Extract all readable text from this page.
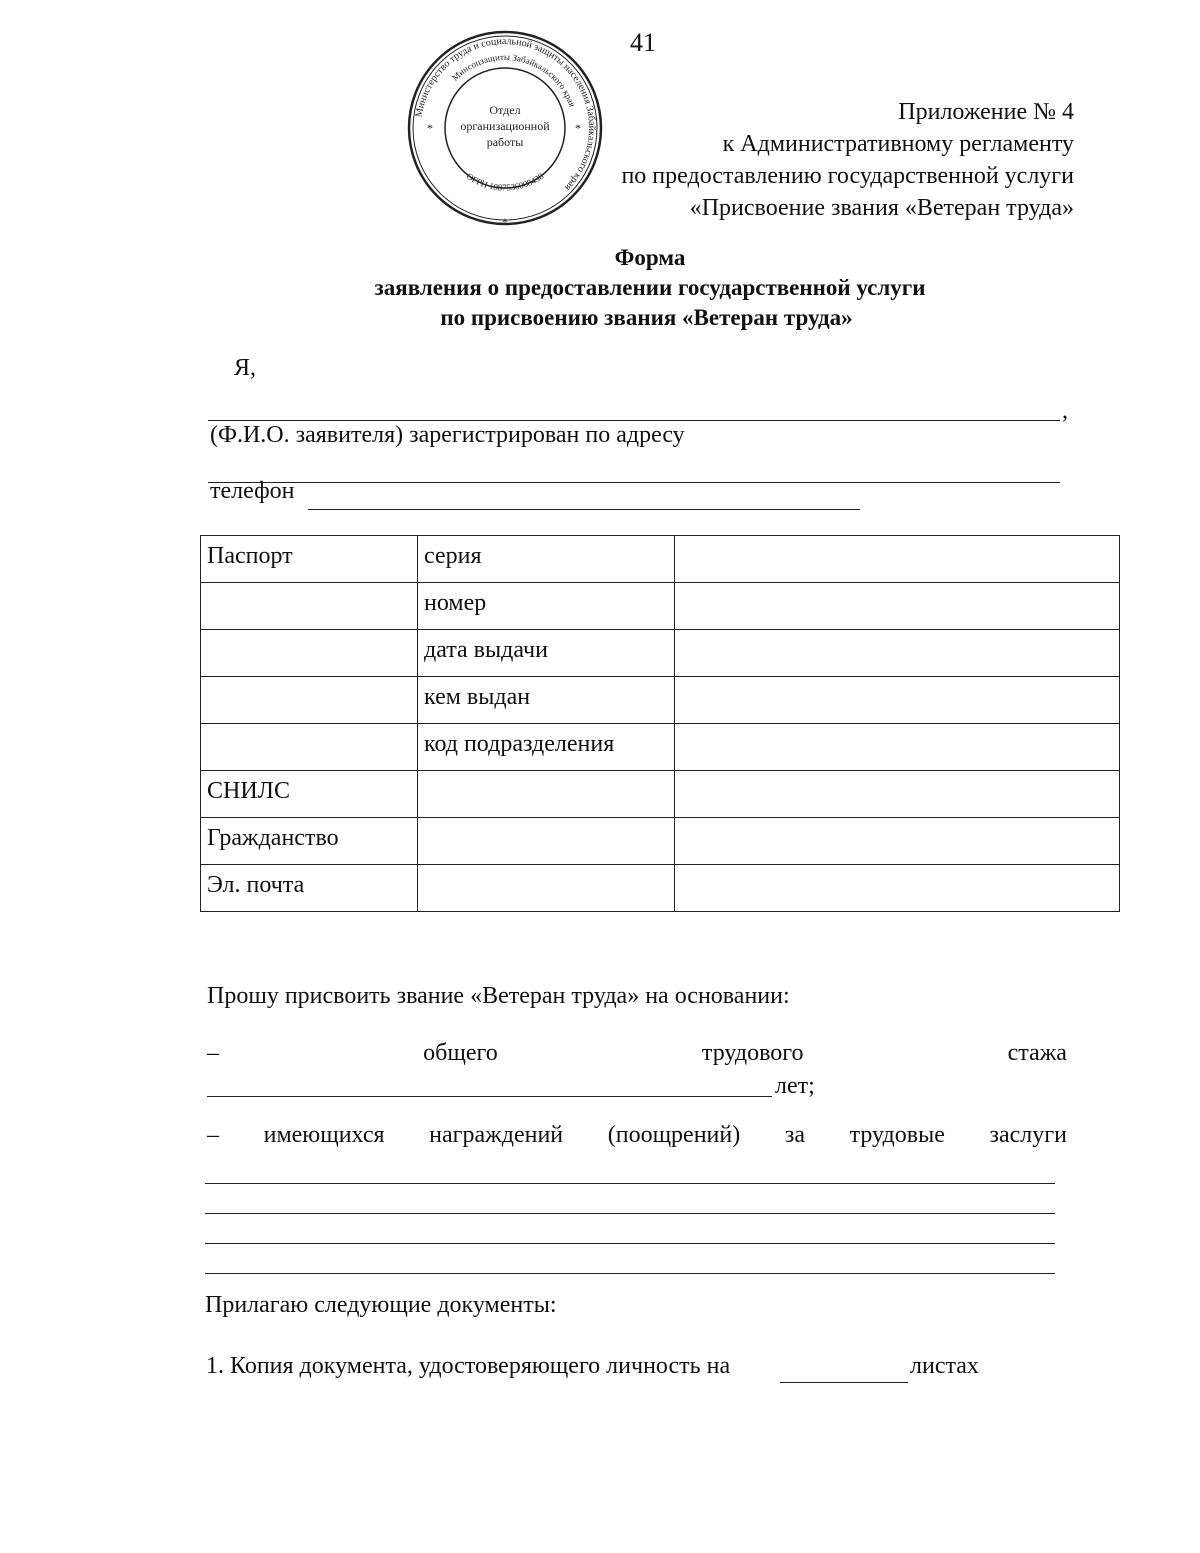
41
Министерство труда и социальной защиты населения Забайкальского края
Минсоцзащиты Забайкальского края
Отдел
организационной
работы
ОГРН 1087536008438
*	*
*
Приложение № 4
к Административному регламенту
по предоставлению государственной услуги
«Присвоение звания «Ветеран труда»
Форма
заявления о предоставлении государственной услуги
по присвоению звания «Ветеран труда»
Я,
,
(Ф.И.О. заявителя) зарегистрирован по адресу
телефон
Паспорт	серия	
	номер	
	дата выдачи	
	кем выдан	
	код подразделения	
СНИЛС		
Гражданство		
Эл. почта		
Прошу присвоить звание «Ветеран труда» на основании:
–	общего	трудового	стажа
лет;
– имеющихся награждений (поощрений) за трудовые заслуги
Прилагаю следующие документы:
1. Копия документа, удостоверяющего личность на	листах
